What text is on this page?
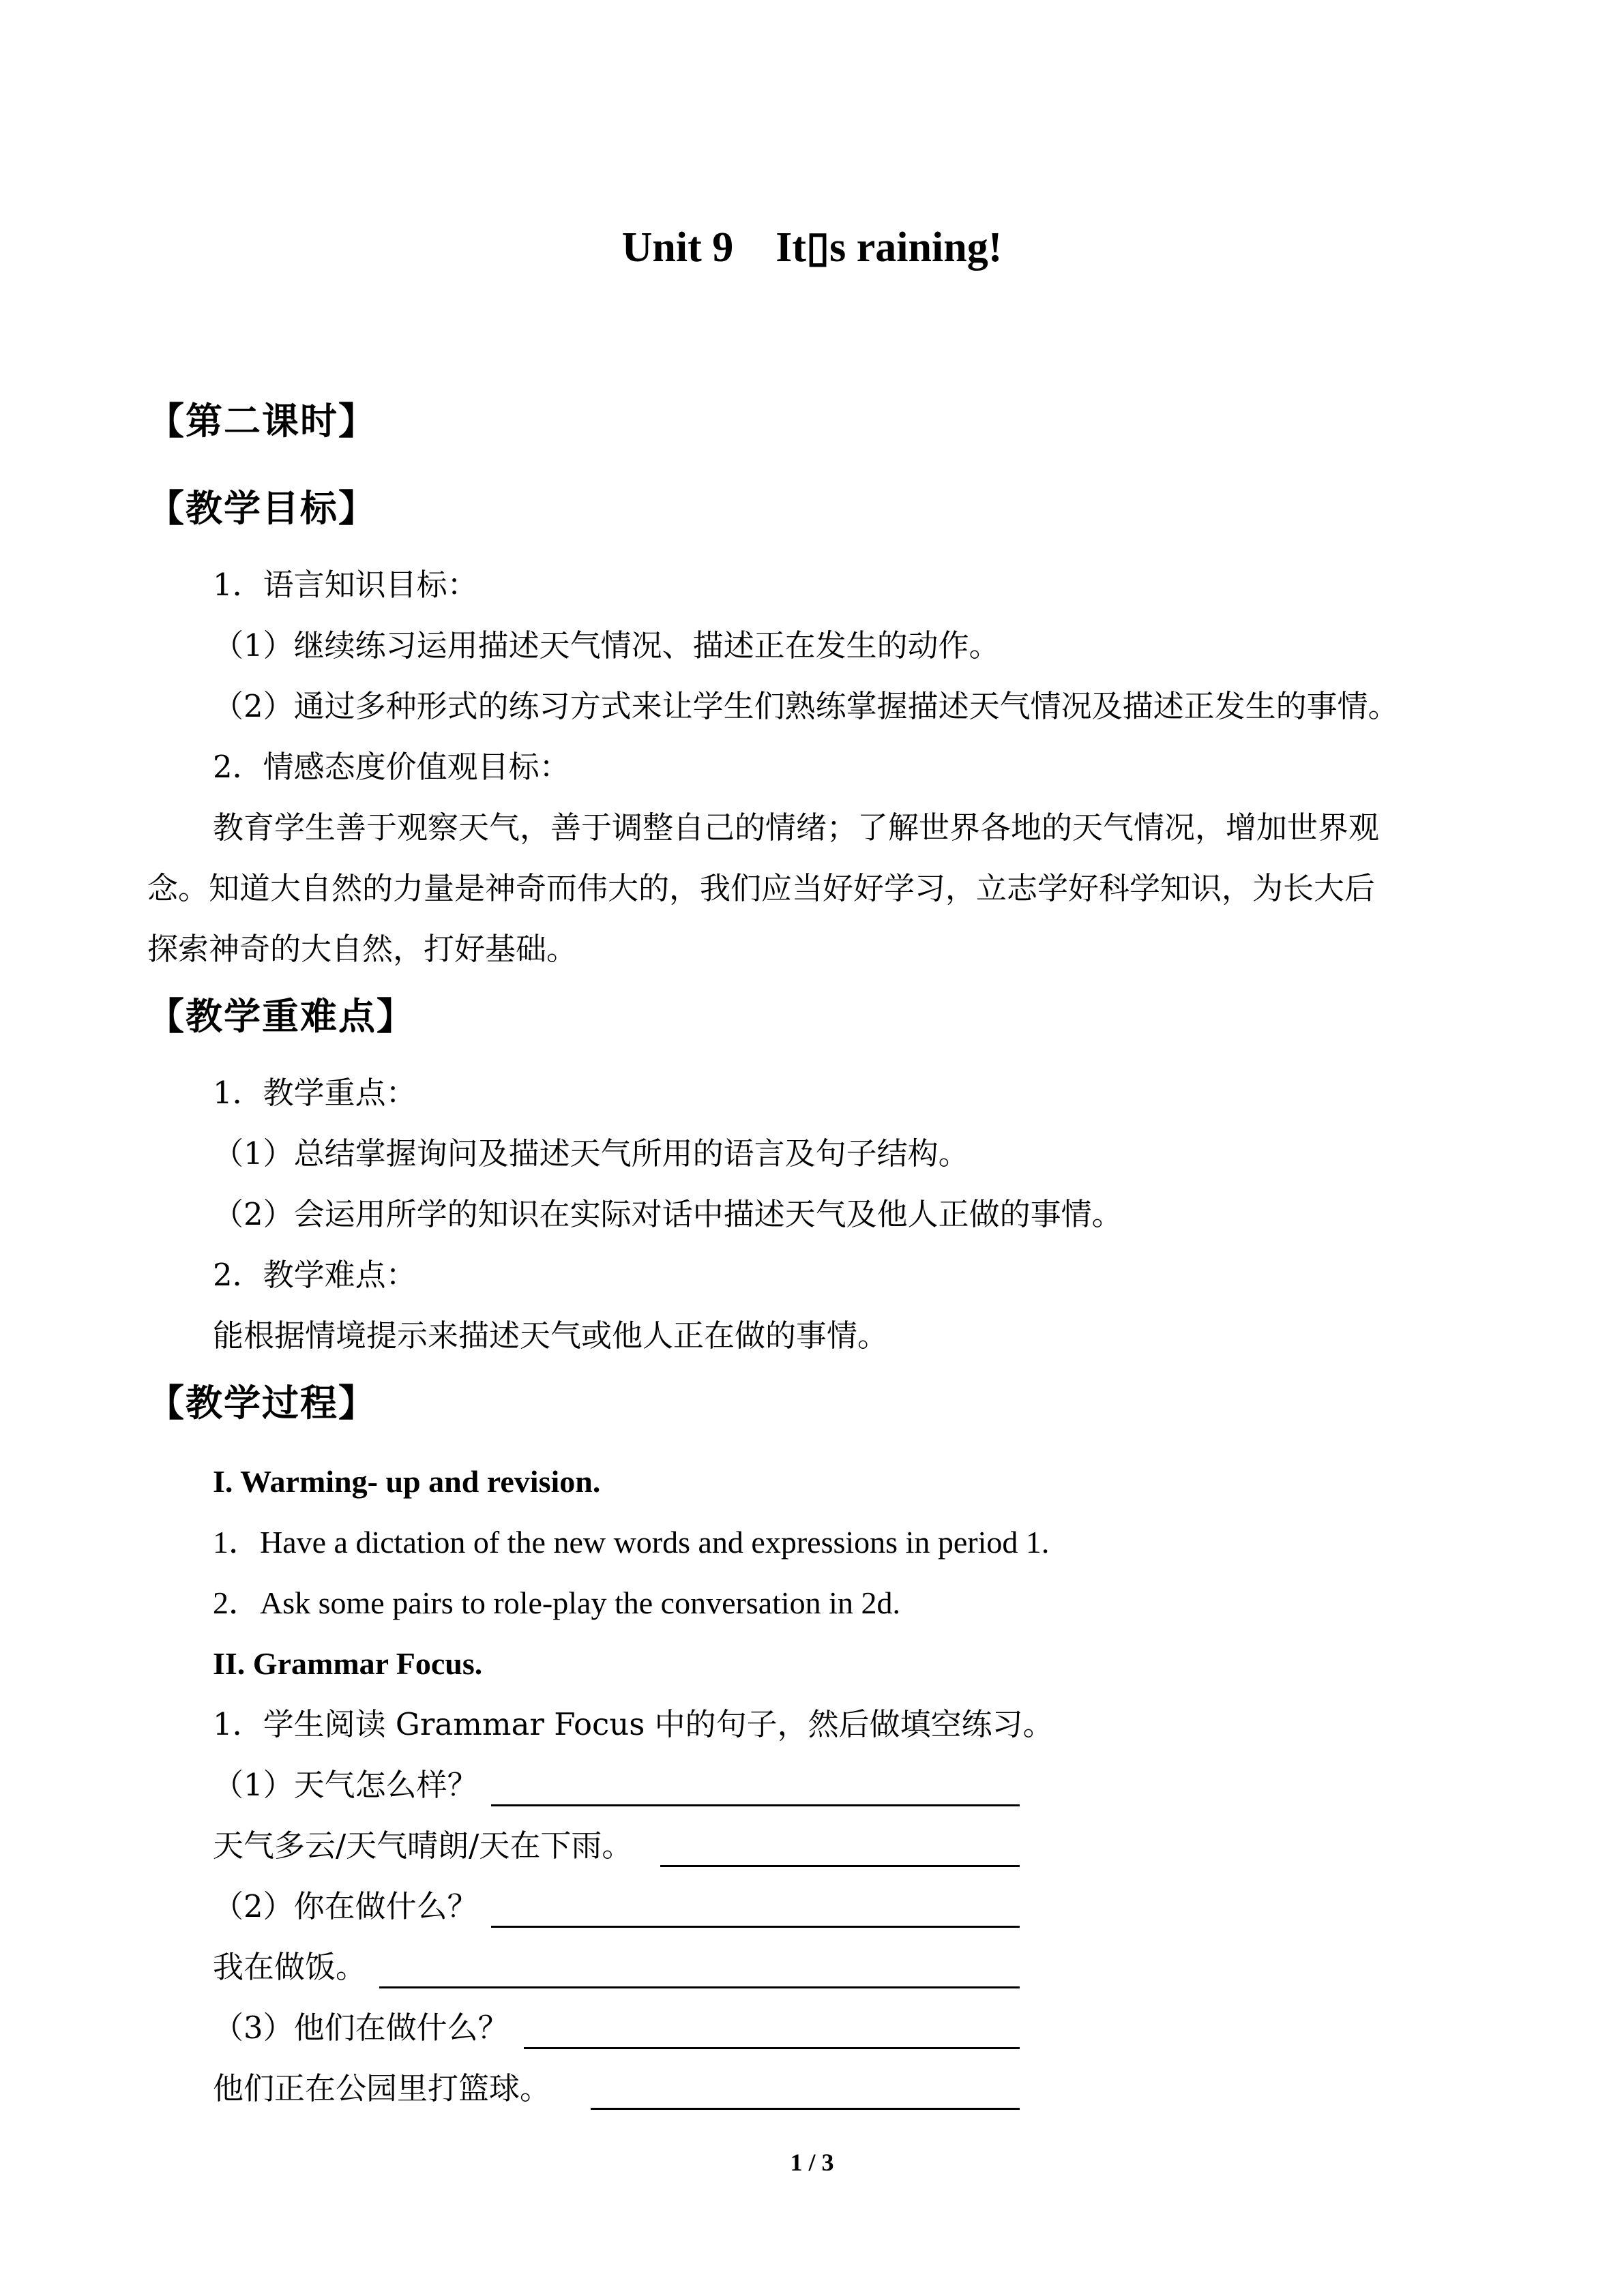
Unit 9　It▯s raining!
【第二课时】
【教学目标】
1．语言知识目标：
（1）继续练习运用描述天气情况、描述正在发生的动作。
（2）通过多种形式的练习方式来让学生们熟练掌握描述天气情况及描述正发生的事情。
2．情感态度价值观目标：
教育学生善于观察天气，善于调整自己的情绪；了解世界各地的天气情况，增加世界观
念。知道大自然的力量是神奇而伟大的，我们应当好好学习，立志学好科学知识，为长大后
探索神奇的大自然，打好基础。
【教学重难点】
1．教学重点：
（1）总结掌握询问及描述天气所用的语言及句子结构。
（2）会运用所学的知识在实际对话中描述天气及他人正做的事情。
2．教学难点：
能根据情境提示来描述天气或他人正在做的事情。
【教学过程】
I. Warming- up and revision.
1．Have a dictation of the new words and expressions in period 1.
2．Ask some pairs to role-play the conversation in 2d.
II. Grammar Focus.
1．学生阅读 Grammar Focus 中的句子，然后做填空练习。
（1）天气怎么样？
天气多云/天气晴朗/天在下雨。
（2）你在做什么？
我在做饭。
（3）他们在做什么？
他们正在公园里打篮球。
1 / 3
